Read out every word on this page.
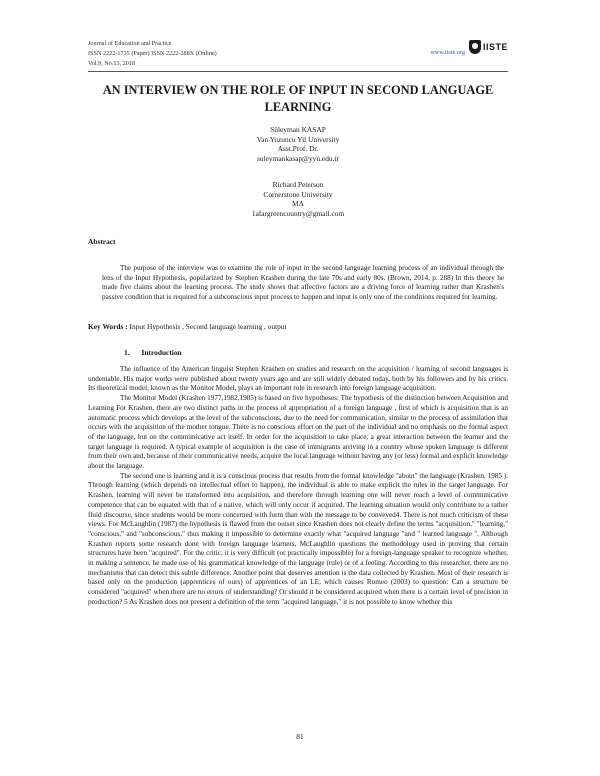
Journal of Education and Practice
ISSN 2222-1735 (Paper) ISSN 2222-288X (Online)
Vol.9, No.13, 2018
www.iiste.org
IISTE
AN INTERVIEW ON THE ROLE OF INPUT IN SECOND LANGUAGE LEARNING
Süleyman KASAP
Van Yuzuncu Yil University
Asst.Prof. Dr.
suleymankasap@yyu.edu.tr
Richard Peterson
Cornerstone University
MA
1afargreencountry@gmail.com
Abstract

The purpose of the interview was to examine the role of input in the second language learning process of an individual through the lens of the Input Hypothesis, popularized by Stephen Krashen during the late 70s and early 80s. (Brown, 2014, p. 288) In this theory he made five claims about the learning process. The study shows that affective factors are a driving force of learning rather than Krashen's passive condition that is required for a subconscious input process to happen and input is only one of the conditions required for learning.

Key Words : Input Hypothesis , Second language learning , output
1. Introduction

The influence of the American linguist Stephen Krashen on studies and research on the acquisition / learning of second languages is undeniable. His major works were published about twenty years ago and are still widely debated today, both by his followers and by his critics. Its theoretical model, known as the Monitor Model, plays an important role in research into foreign language acquisition.

The Monitor Model (Krashen 1977,1982,1985) is based on five hypotheses: The hypothesis of the distinction between Acquisition and Learning For Krashen, there are two distinct paths in the process of appropriation of a foreign language , first of which is acquisition that is an automatic process which develops at the level of the subconscious, due to the need for communication, similar to the process of assimilation that occurs with the acquisition of the mother tongue. There is no conscious effort on the part of the individual and no emphasis on the formal aspect of the language, but on the communicative act itself. In order for the acquisition to take place, a great interaction between the learner and the target language is required. A typical example of acquisition is the case of immigrants arriving in a country whose spoken language is different from their own and, because of their communicative needs, acquire the local language without having any (or less) formal and explicit knowledge about the language.

The second one is learning and it is a conscious process that results from the formal knowledge "about" the language (Krashen, 1985 ). Through learning (which depends on intellectual effort to happen), the individual is able to make explicit the rules in the target language. For Krashen, learning will never be transformed into acquisition, and therefore through learning one will never reach a level of communicative competence that can be equated with that of a native, which will only occur if acquired. The learning situation would only contribute to a rather fluid discourse, since students would be more concerned with form than with the message to be conveyed4. There is not much criticism of these views. For McLaughlin (1987) the hypothesis is flawed from the outset since Krashen does not clearly define the terms "acquisition," "learning," "conscious," and "subconscious," thus making it impossible to determine exactly what "acquired language "and " learned language ". Although Krashen reports some research done with foreign language learners, McLaughlin questions the methodology used in proving that certain structures have been "acquired". For the critic, it is very difficult (or practically impossible) for a foreign-language speaker to recognize whether, in making a sentence, he made use of his grammatical knowledge of the language (rule) or of a feeling. According to this researcher, there are no mechanisms that can detect this subtle difference. Another point that deserves attention is the data collected by Krashen. Most of their research is based only on the production (apprentices of ours) of apprentices of an LE, which causes Romeo (2003) to question: Can a structure be considered "acquired" when there are no errors of understanding? Or should it be considered acquired when there is a certain level of precision in production? 5 As Krashen does not present a definition of the term "acquired language," it is not possible to know whether this

81
